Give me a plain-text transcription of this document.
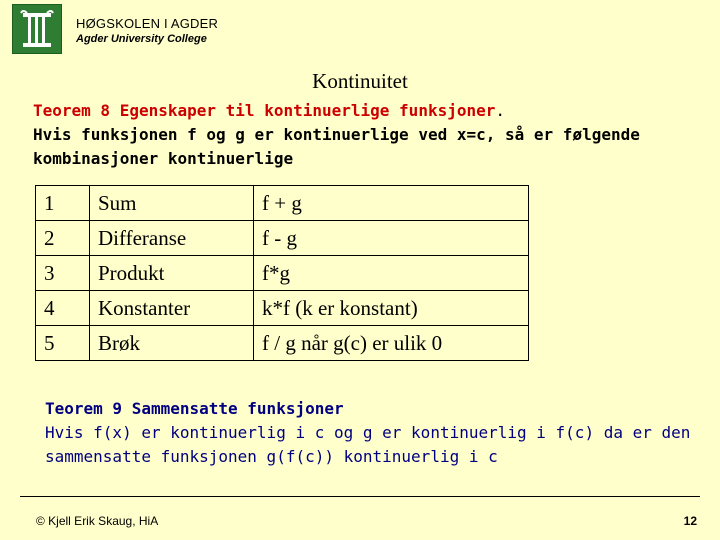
HØGSKOLEN I AGDER
Agder University College
Kontinuitet
Teorem 8 Egenskaper til kontinuerlige funksjoner.
Hvis funksjonen f og g er kontinuerlige ved x=c, så er følgende
kombinasjoner kontinuerlige
1	Sum	f + g
2	Differanse	f - g
3	Produkt	f*g
4	Konstanter	k*f (k er konstant)
5	Brøk	f / g når g(c) er ulik 0
Teorem 9 Sammensatte funksjoner
Hvis f(x) er kontinuerlig i c og g er kontinuerlig i f(c) da er den
sammensatte funksjonen g(f(c)) kontinuerlig i c
© Kjell Erik Skaug, HiA	12
